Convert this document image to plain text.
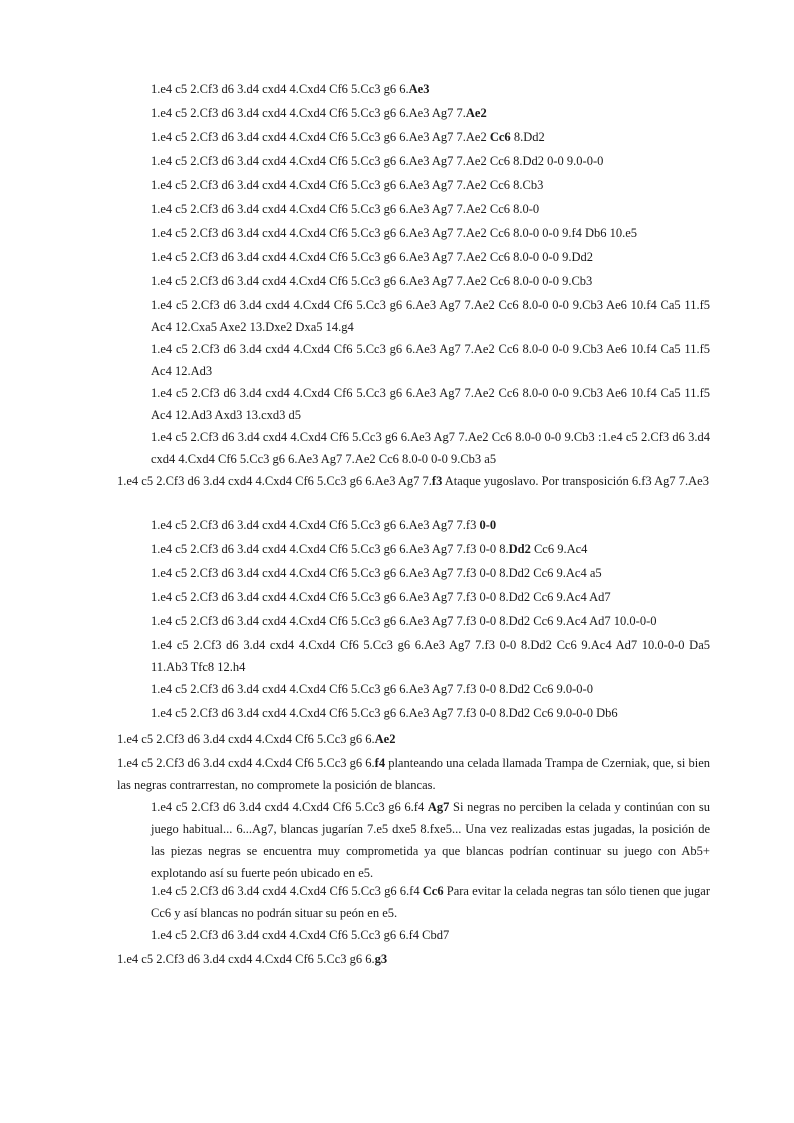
1.e4 c5 2.Cf3 d6 3.d4 cxd4 4.Cxd4 Cf6 5.Cc3 g6 6.Ae3
1.e4 c5 2.Cf3 d6 3.d4 cxd4 4.Cxd4 Cf6 5.Cc3 g6 6.Ae3 Ag7 7.Ae2
1.e4 c5 2.Cf3 d6 3.d4 cxd4 4.Cxd4 Cf6 5.Cc3 g6 6.Ae3 Ag7 7.Ae2 Cc6 8.Dd2
1.e4 c5 2.Cf3 d6 3.d4 cxd4 4.Cxd4 Cf6 5.Cc3 g6 6.Ae3 Ag7 7.Ae2 Cc6 8.Dd2 0-0 9.0-0-0
1.e4 c5 2.Cf3 d6 3.d4 cxd4 4.Cxd4 Cf6 5.Cc3 g6 6.Ae3 Ag7 7.Ae2 Cc6 8.Cb3
1.e4 c5 2.Cf3 d6 3.d4 cxd4 4.Cxd4 Cf6 5.Cc3 g6 6.Ae3 Ag7 7.Ae2 Cc6 8.0-0
1.e4 c5 2.Cf3 d6 3.d4 cxd4 4.Cxd4 Cf6 5.Cc3 g6 6.Ae3 Ag7 7.Ae2 Cc6 8.0-0 0-0 9.f4 Db6 10.e5
1.e4 c5 2.Cf3 d6 3.d4 cxd4 4.Cxd4 Cf6 5.Cc3 g6 6.Ae3 Ag7 7.Ae2 Cc6 8.0-0 0-0 9.Dd2
1.e4 c5 2.Cf3 d6 3.d4 cxd4 4.Cxd4 Cf6 5.Cc3 g6 6.Ae3 Ag7 7.Ae2 Cc6 8.0-0 0-0 9.Cb3
1.e4 c5 2.Cf3 d6 3.d4 cxd4 4.Cxd4 Cf6 5.Cc3 g6 6.Ae3 Ag7 7.Ae2 Cc6 8.0-0 0-0 9.Cb3 Ae6 10.f4 Ca5 11.f5 Ac4 12.Cxa5 Axe2 13.Dxe2 Dxa5 14.g4
1.e4 c5 2.Cf3 d6 3.d4 cxd4 4.Cxd4 Cf6 5.Cc3 g6 6.Ae3 Ag7 7.Ae2 Cc6 8.0-0 0-0 9.Cb3 Ae6 10.f4 Ca5 11.f5 Ac4 12.Ad3
1.e4 c5 2.Cf3 d6 3.d4 cxd4 4.Cxd4 Cf6 5.Cc3 g6 6.Ae3 Ag7 7.Ae2 Cc6 8.0-0 0-0 9.Cb3 Ae6 10.f4 Ca5 11.f5 Ac4 12.Ad3 Axd3 13.cxd3 d5
1.e4 c5 2.Cf3 d6 3.d4 cxd4 4.Cxd4 Cf6 5.Cc3 g6 6.Ae3 Ag7 7.Ae2 Cc6 8.0-0 0-0 9.Cb3 :1.e4 c5 2.Cf3 d6 3.d4 cxd4 4.Cxd4 Cf6 5.Cc3 g6 6.Ae3 Ag7 7.Ae2 Cc6 8.0-0 0-0 9.Cb3 a5
1.e4 c5 2.Cf3 d6 3.d4 cxd4 4.Cxd4 Cf6 5.Cc3 g6 6.Ae3 Ag7 7.f3 Ataque yugoslavo. Por transposición 6.f3 Ag7 7.Ae3
1.e4 c5 2.Cf3 d6 3.d4 cxd4 4.Cxd4 Cf6 5.Cc3 g6 6.Ae3 Ag7 7.f3 0-0
1.e4 c5 2.Cf3 d6 3.d4 cxd4 4.Cxd4 Cf6 5.Cc3 g6 6.Ae3 Ag7 7.f3 0-0 8.Dd2 Cc6 9.Ac4
1.e4 c5 2.Cf3 d6 3.d4 cxd4 4.Cxd4 Cf6 5.Cc3 g6 6.Ae3 Ag7 7.f3 0-0 8.Dd2 Cc6 9.Ac4 a5
1.e4 c5 2.Cf3 d6 3.d4 cxd4 4.Cxd4 Cf6 5.Cc3 g6 6.Ae3 Ag7 7.f3 0-0 8.Dd2 Cc6 9.Ac4 Ad7
1.e4 c5 2.Cf3 d6 3.d4 cxd4 4.Cxd4 Cf6 5.Cc3 g6 6.Ae3 Ag7 7.f3 0-0 8.Dd2 Cc6 9.Ac4 Ad7 10.0-0-0
1.e4 c5 2.Cf3 d6 3.d4 cxd4 4.Cxd4 Cf6 5.Cc3 g6 6.Ae3 Ag7 7.f3 0-0 8.Dd2 Cc6 9.Ac4 Ad7 10.0-0-0 Da5 11.Ab3 Tfc8 12.h4
1.e4 c5 2.Cf3 d6 3.d4 cxd4 4.Cxd4 Cf6 5.Cc3 g6 6.Ae3 Ag7 7.f3 0-0 8.Dd2 Cc6 9.0-0-0
1.e4 c5 2.Cf3 d6 3.d4 cxd4 4.Cxd4 Cf6 5.Cc3 g6 6.Ae3 Ag7 7.f3 0-0 8.Dd2 Cc6 9.0-0-0 Db6
1.e4 c5 2.Cf3 d6 3.d4 cxd4 4.Cxd4 Cf6 5.Cc3 g6 6.Ae2
1.e4 c5 2.Cf3 d6 3.d4 cxd4 4.Cxd4 Cf6 5.Cc3 g6 6.f4 planteando una celada llamada Trampa de Czerniak, que, si bien las negras contrarrestan, no compromete la posición de blancas.
1.e4 c5 2.Cf3 d6 3.d4 cxd4 4.Cxd4 Cf6 5.Cc3 g6 6.f4 Ag7 Si negras no perciben la celada y continúan con su juego habitual... 6...Ag7, blancas jugarían 7.e5 dxe5 8.fxe5... Una vez realizadas estas jugadas, la posición de las piezas negras se encuentra muy comprometida ya que blancas podrían continuar su juego con Ab5+ explotando así su fuerte peón ubicado en e5.
1.e4 c5 2.Cf3 d6 3.d4 cxd4 4.Cxd4 Cf6 5.Cc3 g6 6.f4 Cc6 Para evitar la celada negras tan sólo tienen que jugar Cc6 y así blancas no podrán situar su peón en e5.
1.e4 c5 2.Cf3 d6 3.d4 cxd4 4.Cxd4 Cf6 5.Cc3 g6 6.f4 Cbd7
1.e4 c5 2.Cf3 d6 3.d4 cxd4 4.Cxd4 Cf6 5.Cc3 g6 6.g3
